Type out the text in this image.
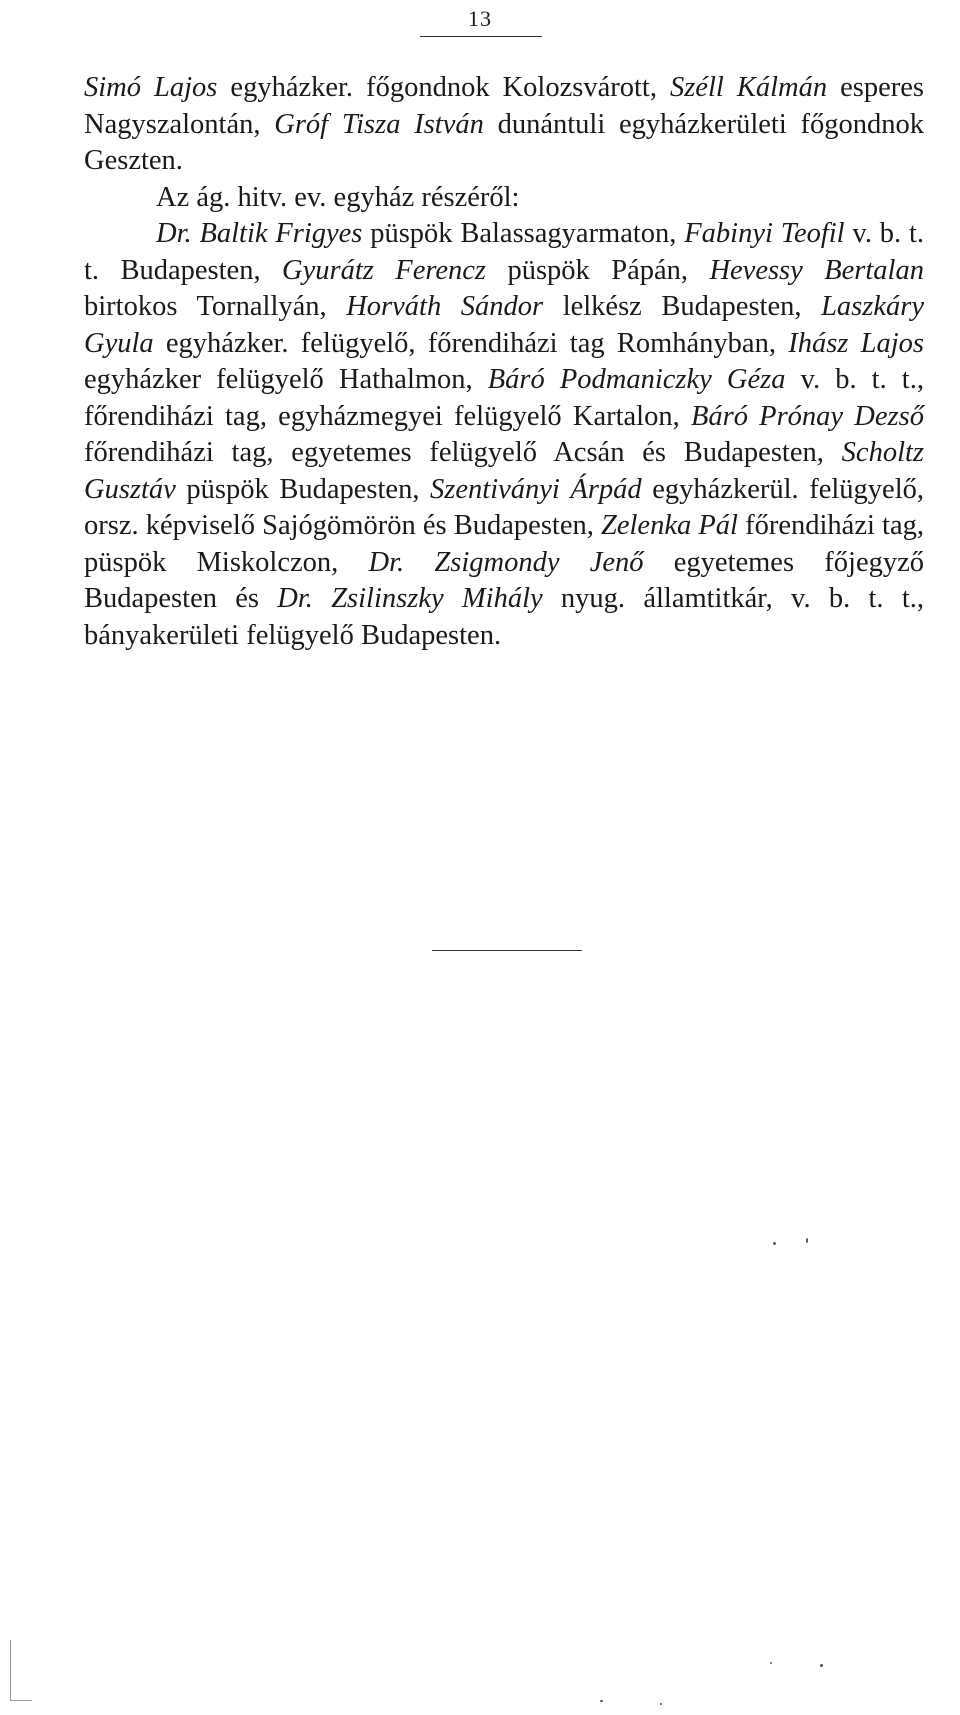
13

Simó Lajos egyházker. főgondnok Kolozsvárott, Széll Kálmán esperes Nagyszalontán, Gróf Tisza István dunántuli egyházkerületi főgondnok Geszten.

Az ág. hitv. ev. egyház részéről:

Dr. Baltik Frigyes püspök Balassagyarmaton, Fabinyi Teofil v. b. t. t. Budapesten, Gyurátz Ferencz püspök Pápán, Hevessy Bertalan birtokos Tornallyán, Horváth Sándor lelkész Budapesten, Laszkáry Gyula egyházker. felügyelő, főrendiházi tag Romhányban, Ihász Lajos egyházker felügyelő Hathalmon, Báró Podmaniczky Géza v. b. t. t., főrendiházi tag, egyházmegyei felügyelő Kartalon, Báró Prónay Dezső főrendiházi tag, egyetemes felügyelő Acsán és Budapesten, Scholtz Gusztáv püspök Budapesten, Szentiványi Árpád egyházkerül. felügyelő, orsz. képviselő Sajógömörön és Budapesten, Zelenka Pál főrendiházi tag, püspök Miskolczon, Dr. Zsigmondy Jenő egyetemes főjegyző Budapesten és Dr. Zsilinszky Mihály nyug. államtitkár, v. b. t. t., bányakerületi felügyelő Budapesten.
